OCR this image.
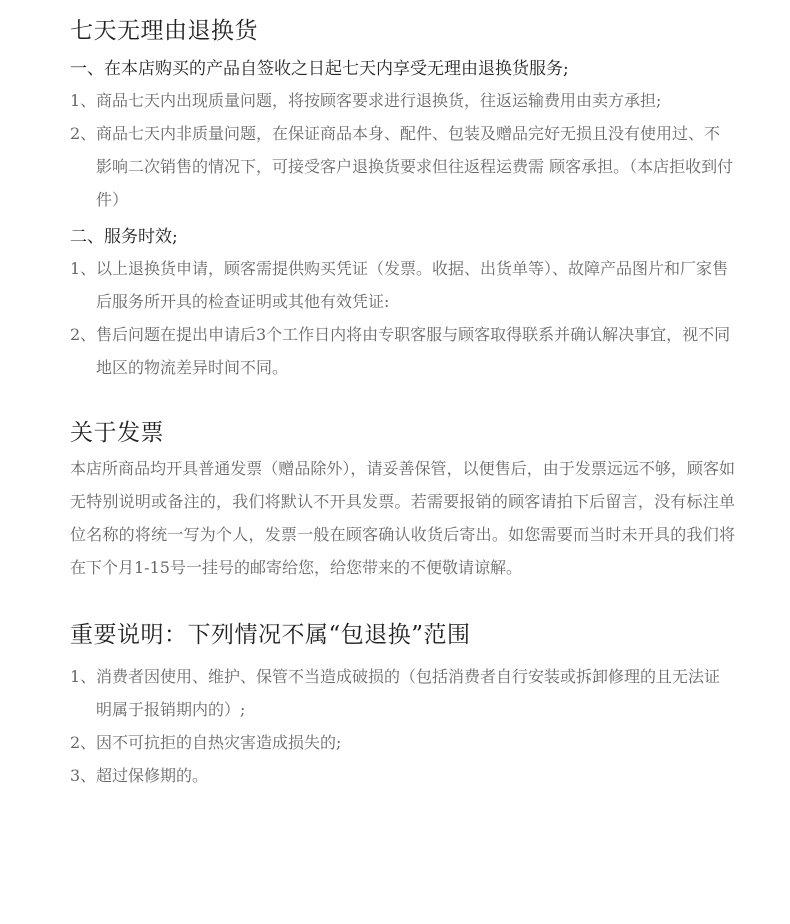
七天无理由退换货
一、在本店购买的产品自签收之日起七天内享受无理由退换货服务;
1、 商品七天内出现质量问题，将按顾客要求进行退换货，往返运输费用由卖方承担;
2、 商品七天内非质量问题，在保证商品本身、配件、包装及赠品完好无损且没有使用过、不影响二次销售的情况下，可接受客户退换货要求但往返程运费需 顾客承担。（本店拒收到付件）
二、服务时效;
1、 以上退换货申请，顾客需提供购买凭证（发票。收据、出货单等）、故障产品图片和厂家售后服务所开具的检查证明或其他有效凭证:
2、 售后问题在提出申请后3个工作日内将由专职客服与顾客取得联系并确认解决事宜，视不同地区的物流差异时间不同。
关于发票

本店所商品均开具普通发票（赠品除外），请妥善保管，以便售后，由于发票远远不够，顾客如无特别说明或备注的，我们将默认不开具发票。若需要报销的顾客请拍下后留言，没有标注单位名称的将统一写为个人，发票一般在顾客确认收货后寄出。如您需要而当时未开具的我们将在下个月1-15号一挂号的邮寄给您，给您带来的不便敬请谅解。

重要说明：下列情况不属“包退换”范围
1、 消费者因使用、维护、保管不当造成破损的（包括消费者自行安装或拆卸修理的且无法证明属于报销期内的）;
2、 因不可抗拒的自热灾害造成损失的;
3、 超过保修期的。
